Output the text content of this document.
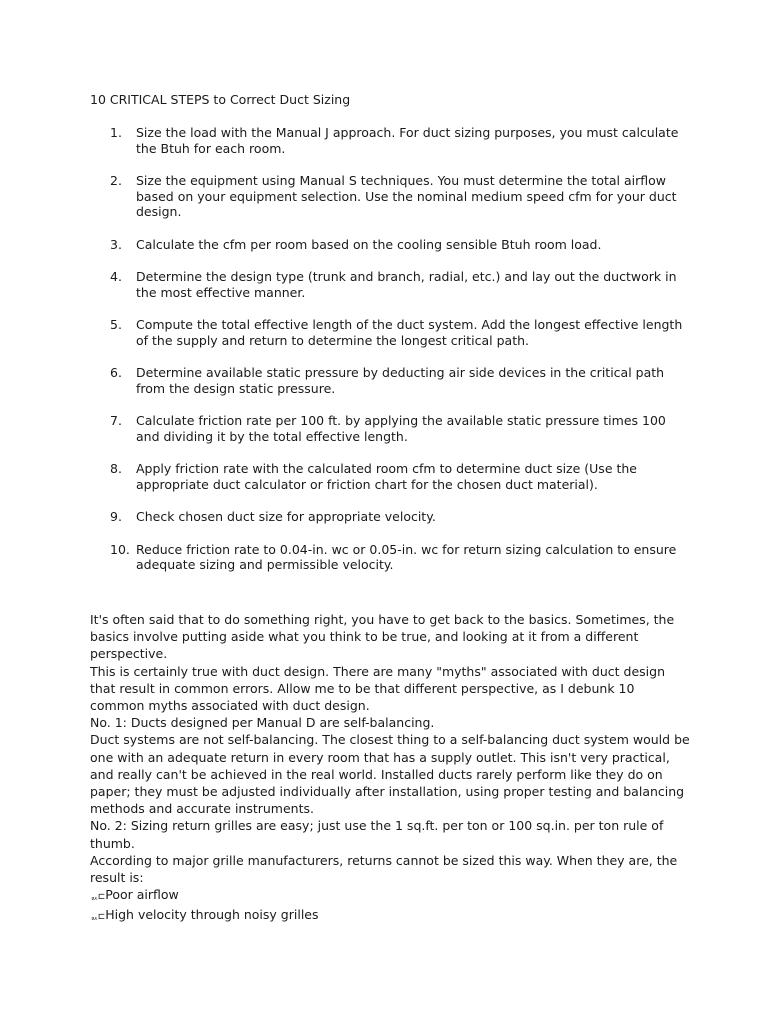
10 CRITICAL STEPS to Correct Duct Sizing
1.	Size the load with the Manual J approach. For duct sizing purposes, you must calculate the Btuh for each room.
2.	Size the equipment using Manual S techniques. You must determine the total airflow based on your equipment selection. Use the nominal medium speed cfm for your duct design.
3.	Calculate the cfm per room based on the cooling sensible Btuh room load.
4.	Determine the design type (trunk and branch, radial, etc.) and lay out the ductwork in the most effective manner.
5.	Compute the total effective length of the duct system. Add the longest effective length of the supply and return to determine the longest critical path.
6.	Determine available static pressure by deducting air side devices in the critical path from the design static pressure.
7.	Calculate friction rate per 100 ft. by applying the available static pressure times 100 and dividing it by the total effective length.
8.	Apply friction rate with the calculated room cfm to determine duct size (Use the appropriate duct calculator or friction chart for the chosen duct material).
9.	Check chosen duct size for appropriate velocity.
10. Reduce friction rate to 0.04-in. wc or 0.05-in. wc for return sizing calculation to ensure adequate sizing and permissible velocity.

It's often said that to do something right, you have to get back to the basics. Sometimes, the basics involve putting aside what you think to be true, and looking at it from a different perspective.

This is certainly true with duct design. There are many "myths" associated with duct design that result in common errors. Allow me to be that different perspective, as I debunk 10 common myths associated with duct design.

No. 1: Ducts designed per Manual D are self-balancing.

Duct systems are not self-balancing. The closest thing to a self-balancing duct system would be one with an adequate return in every room that has a supply outlet. This isn't very practical, and really can't be achieved in the real world. Installed ducts rarely perform like they do on paper; they must be adjusted individually after installation, using proper testing and balancing methods and accurate instruments.

No. 2: Sizing return grilles are easy; just use the 1 sq.ft. per ton or 100 sq.in. per ton rule of thumb.

According to major grille manufacturers, returns cannot be sized this way. When they are, the result is:

ᆳ⊏ Poor airflow
ᆳ⊏ High velocity through noisy grilles
